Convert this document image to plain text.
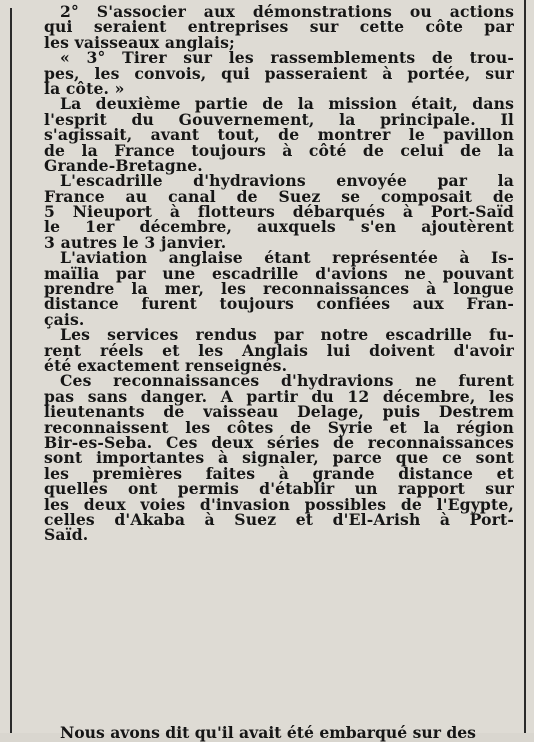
2° S'associer aux démonstrations ou actions
qui seraient entreprises sur cette côte par
les vaisseaux anglais;
« 3° Tirer sur les rassemblements de trou-
pes, les convois, qui passeraient à portée, sur
la côte. »
La deuxième partie de la mission était, dans
l'esprit du Gouvernement, la principale. Il
s'agissait, avant tout, de montrer le pavillon
de la France toujours à côté de celui de la
Grande-Bretagne.
L'escadrille d'hydravions envoyée par la
France au canal de Suez se composait de
5 Nieuport à flotteurs débarqués à Port-Saïd
le 1er décembre, auxquels s'en ajoutèrent
3 autres le 3 janvier.
L'aviation anglaise étant représentée à Is-
maïlia par une escadrille d'avions ne pouvant
prendre la mer, les reconnaissances à longue
distance furent toujours confiées aux Fran-
çais.
Les services rendus par notre escadrille fu-
rent réels et les Anglais lui doivent d'avoir
été exactement renseignés.
Ces reconnaissances d'hydravions ne furent
pas sans danger. A partir du 12 décembre, les
lieutenants de vaisseau Delage, puis Destrem
reconnaissent les côtes de Syrie et la région
Bir-es-Seba. Ces deux séries de reconnaissances
sont importantes à signaler, parce que ce sont
les premières faites à grande distance et
quelles ont permis d'établir un rapport sur
les deux voies d'invasion possibles de l'Egypte,
celles d'Akaba à Suez et d'El-Arish à Port-
Saïd.
Nous avons dit qu'il avait été embarqué sur des
